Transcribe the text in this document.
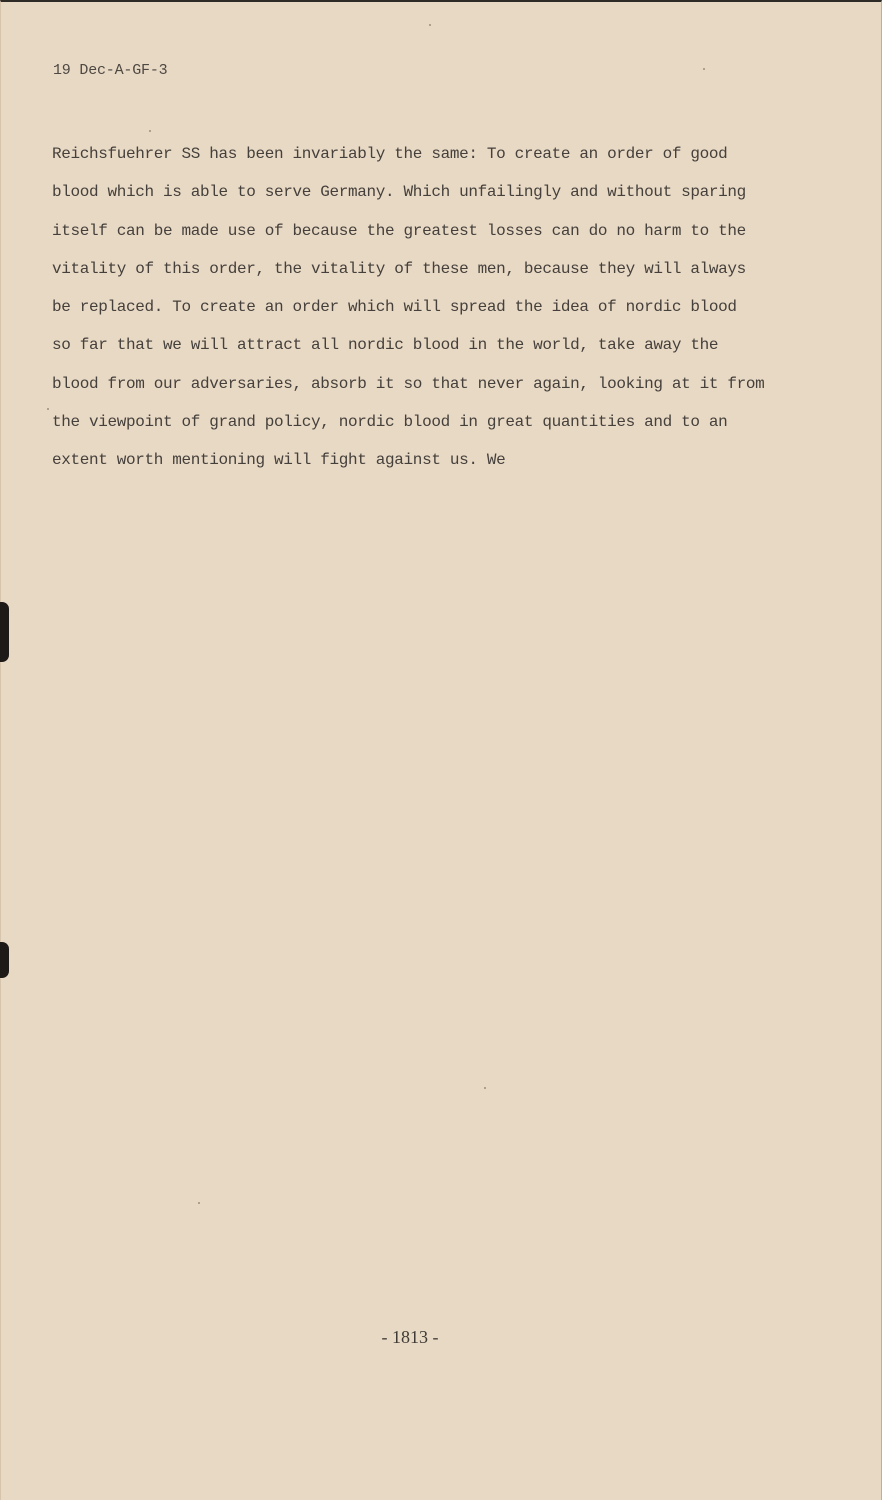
19 Dec-A-GF-3
Reichsfuehrer SS has been invariably the same: To create an order of good
blood which is able to serve Germany. Which unfailingly and without sparing
itself can be made use of because the greatest losses can do no harm to the
vitality of this order, the vitality of these men, because they will always
be replaced. To create an order which will spread the idea of nordic blood
so far that we will attract all nordic blood in the world, take away the
blood from our adversaries, absorb it so that never again, looking at it from
the viewpoint of grand policy, nordic blood in great quantities and to an
extent worth mentioning will fight against us. We
- 1813 -
